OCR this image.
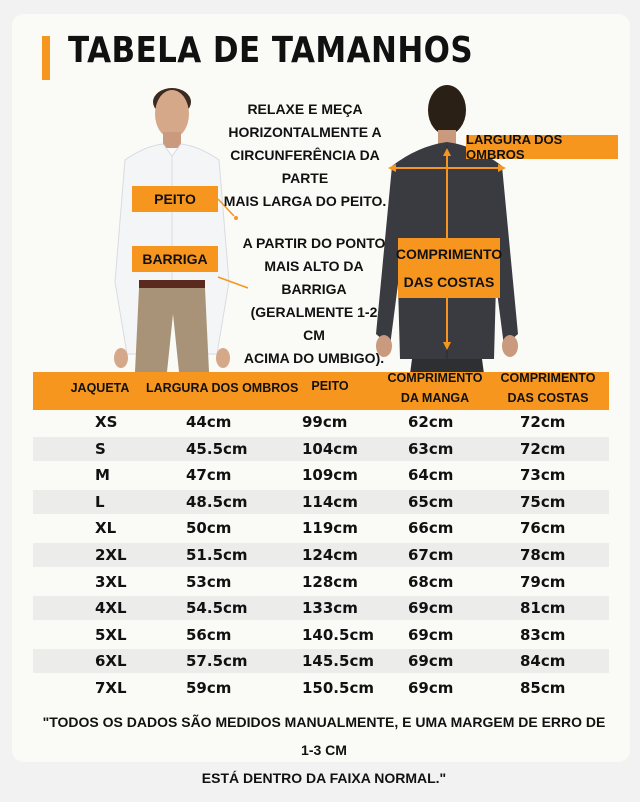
TABELA DE TAMANHOS
PEITO
BARRIGA
LARGURA DOS OMBROS
COMPRIMENTO
DAS COSTAS
RELAXE E MEÇA
HORIZONTALMENTE A
CIRCUNFERÊNCIA DA PARTE
MAIS LARGA DO PEITO.
A PARTIR DO PONTO
MAIS ALTO DA
BARRIGA
(GERALMENTE 1-2 CM
ACIMA DO UMBIGO).
JAQUETA	LARGURA DOS OMBROS	PEITO
COMPRIMENTO DA MANGA
COMPRIMENTO DAS COSTAS
XS	44cm	99cm	62cm	72cm
S	45.5cm	104cm	63cm	72cm
M	47cm	109cm	64cm	73cm
L	48.5cm	114cm	65cm	75cm
XL	50cm	119cm	66cm	76cm
2XL	51.5cm	124cm	67cm	78cm
3XL	53cm	128cm	68cm	79cm
4XL	54.5cm	133cm	69cm	81cm
5XL	56cm	140.5cm 69cm	83cm
6XL	57.5cm	145.5cm 69cm	84cm
7XL	59cm	150.5cm 69cm	85cm
"TODOS OS DADOS SÃO MEDIDOS MANUALMENTE, E UMA MARGEM DE ERRO DE 1-3 CM
ESTÁ DENTRO DA FAIXA NORMAL."
